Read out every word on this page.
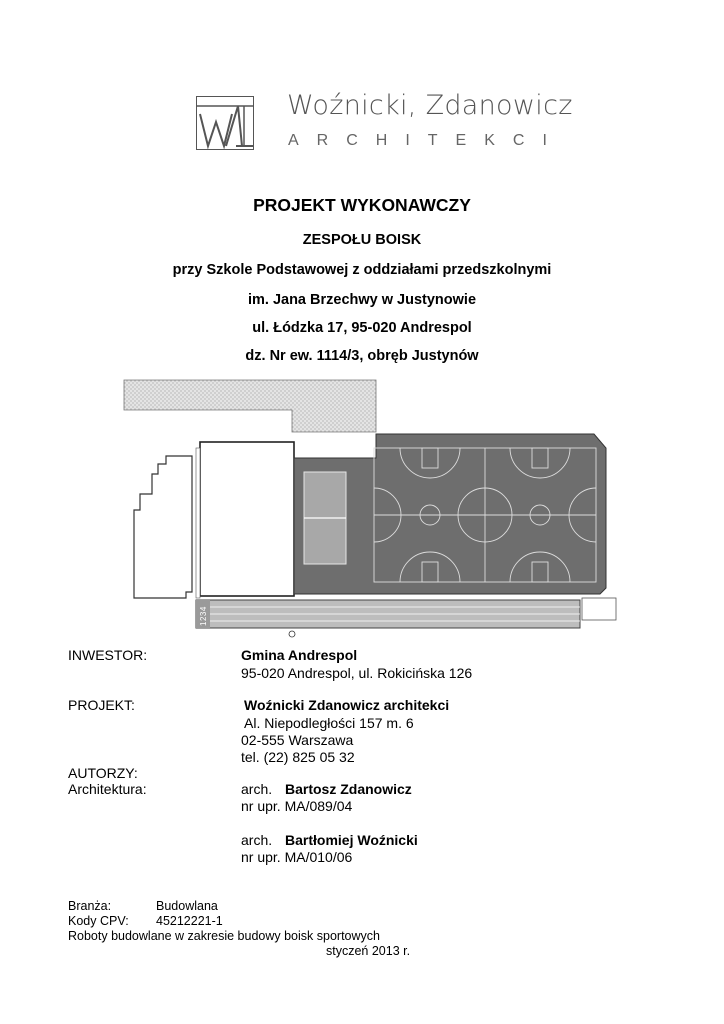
Woźnicki, Zdanowicz
ARCHITEKCI
PROJEKT WYKONAWCZY
ZESPOŁU BOISK
przy Szkole Podstawowej z oddziałami przedszkolnymi
im. Jana Brzechwy w Justynowie
ul. Łódzka 17, 95-020 Andrespol
dz. Nr ew. 1114/3, obręb Justynów
1234
INWESTOR:	Gmina Andrespol
95-020 Andrespol, ul. Rokicińska 126
PROJEKT:	Woźnicki Zdanowicz architekci
Al. Niepodległości 157 m. 6
02-555 Warszawa
tel. (22) 825 05 32
AUTORZY:
Architektura:	arch. Bartosz Zdanowicz
nr upr. MA/089/04
arch. Bartłomiej Woźnicki
nr upr. MA/010/06
Branża:	Budowlana
Kody CPV: 45212221-1
Roboty budowlane w zakresie budowy boisk sportowych
styczeń 2013 r.
